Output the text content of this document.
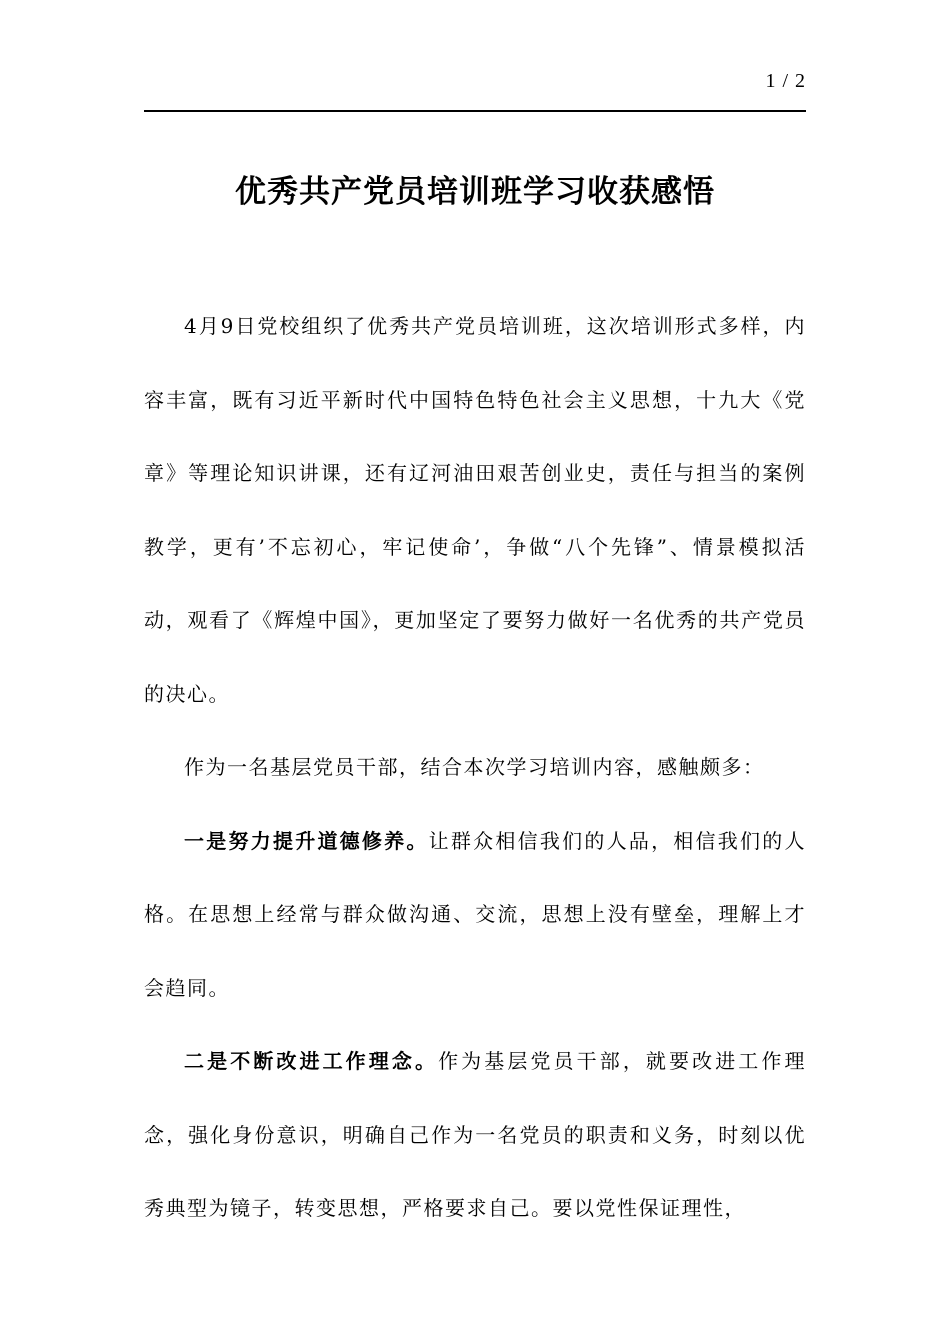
1 / 2
优秀共产党员培训班学习收获感悟

4月9日党校组织了优秀共产党员培训班，这次培训形式多样，内容丰富，既有习近平新时代中国特色特色社会主义思想，十九大《党章》等理论知识讲课，还有辽河油田艰苦创业史，责任与担当的案例教学，更有’不忘初心，牢记使命’，争做“八个先锋”、情景模拟活动，观看了《辉煌中国》，更加坚定了要努力做好一名优秀的共产党员的决心。

作为一名基层党员干部，结合本次学习培训内容，感触颇多：

一是努力提升道德修养。让群众相信我们的人品，相信我们的人格。在思想上经常与群众做沟通、交流，思想上没有壁垒，理解上才会趋同。

二是不断改进工作理念。作为基层党员干部，就要改进工作理念，强化身份意识，明确自己作为一名党员的职责和义务，时刻以优秀典型为镜子，转变思想，严格要求自己。要以党性保证理性，
